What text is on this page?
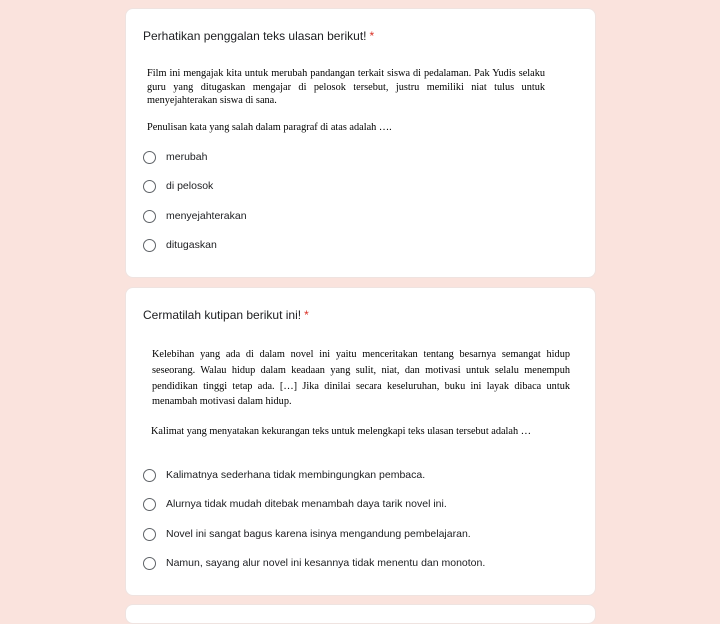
Perhatikan penggalan teks ulasan berikut! *
Film ini mengajak kita untuk merubah pandangan terkait siswa di pedalaman. Pak Yudis selaku guru yang ditugaskan mengajar di pelosok tersebut, justru memiliki niat tulus untuk menyejahterakan siswa di sana.
Penulisan kata yang salah dalam paragraf di atas adalah ….
merubah
di pelosok
menyejahterakan
ditugaskan
Cermatilah kutipan berikut ini! *
Kelebihan yang ada di dalam novel ini yaitu menceritakan tentang besarnya semangat hidup seseorang. Walau hidup dalam keadaan yang sulit, niat, dan motivasi untuk selalu menempuh pendidikan tinggi tetap ada. […] Jika dinilai secara keseluruhan, buku ini layak dibaca untuk menambah motivasi dalam hidup.
Kalimat yang menyatakan kekurangan teks untuk melengkapi teks ulasan tersebut adalah …
Kalimatnya sederhana tidak membingungkan pembaca.
Alurnya tidak mudah ditebak menambah daya tarik novel ini.
Novel ini sangat bagus karena isinya mengandung pembelajaran.
Namun, sayang alur novel ini kesannya tidak menentu dan monoton.
